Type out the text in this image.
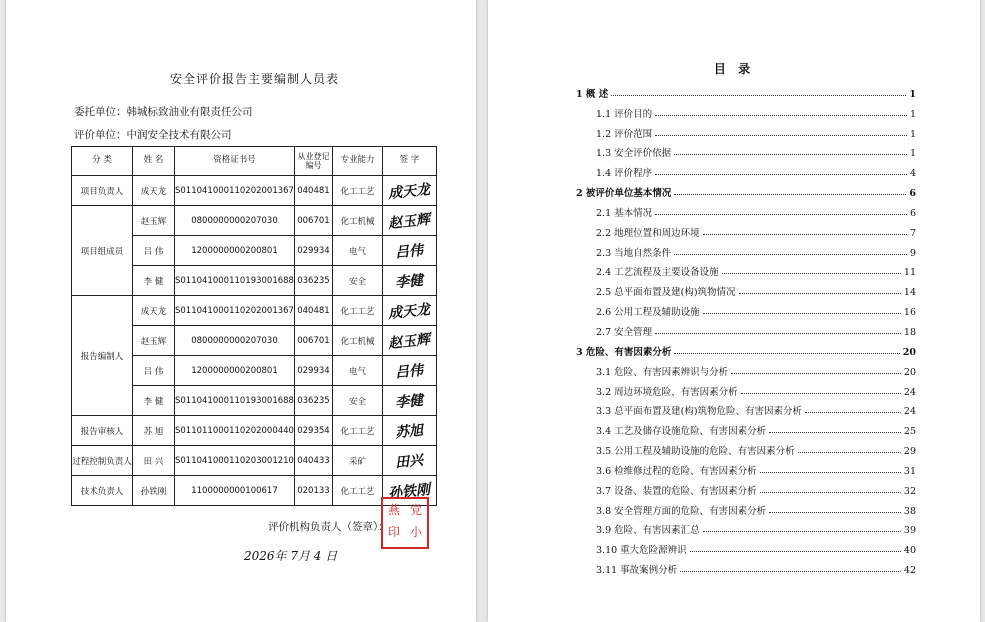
安全评价报告主要编制人员表
委托单位：韩城标致油业有限责任公司
评价单位：中润安全技术有限公司
分 类	姓 名	资格证书号	从业登记编号	专业能力	签 字
项目负责人	成天龙	S011041000110202001367	040481	化工工艺	成天龙
项目组成员	赵玉辉	0800000000207030	006701	化工机械	赵玉辉
	吕 伟	1200000000200801	029934	电气	吕伟
	李 健	S011041000110193001688	036235	安全	李健
报告编制人	成天龙	S011041000110202001367	040481	化工工艺	成天龙
	赵玉辉	0800000000207030	006701	化工机械	赵玉辉
	吕 伟	1200000000200801	029934	电气	吕伟
	李 健	S011041000110193001688	036235	安全	李健
报告审核人	苏 旭	S011011000110202000440	029354	化工工艺	苏旭
过程控制负责人	田 兴	S011041000110203001210	040433	采矿	田兴
技术负责人	孙铁刚	1100000000100617	020133	化工工艺	孙铁刚
评价机构负责人（签章）：
党
燕
小
印
2026年 7月 4 日
目 录
1 概 述	1
1.1 评价目的	1
1.2 评价范围	1
1.3 安全评价依据	1
1.4 评价程序	4
2 被评价单位基本情况	6
2.1 基本情况	6
2.2 地理位置和周边环境	7
2.3 当地自然条件	9
2.4 工艺流程及主要设备设施	11
2.5 总平面布置及建(构)筑物情况	14
2.6 公用工程及辅助设施	16
2.7 安全管理	18
3 危险、有害因素分析	20
3.1 危险、有害因素辨识与分析	20
3.2 周边环境危险、有害因素分析	24
3.3 总平面布置及建(构)筑物危险、有害因素分析	24
3.4 工艺及储存设施危险、有害因素分析	25
3.5 公用工程及辅助设施的危险、有害因素分析	29
3.6 检维修过程的危险、有害因素分析	31
3.7 设备、装置的危险、有害因素分析	32
3.8 安全管理方面的危险、有害因素分析	38
3.9 危险、有害因素汇总	39
3.10 重大危险源辨识	40
3.11 事故案例分析	42
